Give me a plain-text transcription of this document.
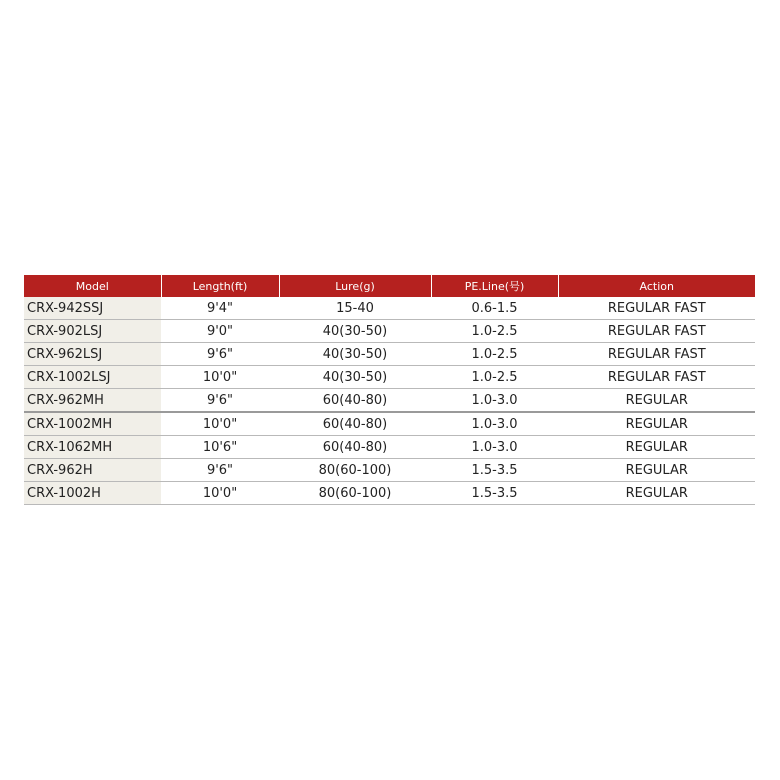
Model	Length(ft)	Lure(g)	PE.Line(号)	Action
CRX-942SSJ	9'4"	15-40	0.6-1.5	REGULAR FAST
CRX-902LSJ	9'0"	40(30-50)	1.0-2.5	REGULAR FAST
CRX-962LSJ	9'6"	40(30-50)	1.0-2.5	REGULAR FAST
CRX-1002LSJ	10'0"	40(30-50)	1.0-2.5	REGULAR FAST
CRX-962MH	9'6"	60(40-80)	1.0-3.0	REGULAR
CRX-1002MH	10'0"	60(40-80)	1.0-3.0	REGULAR
CRX-1062MH	10'6"	60(40-80)	1.0-3.0	REGULAR
CRX-962H	9'6"	80(60-100)	1.5-3.5	REGULAR
CRX-1002H	10'0"	80(60-100)	1.5-3.5	REGULAR
